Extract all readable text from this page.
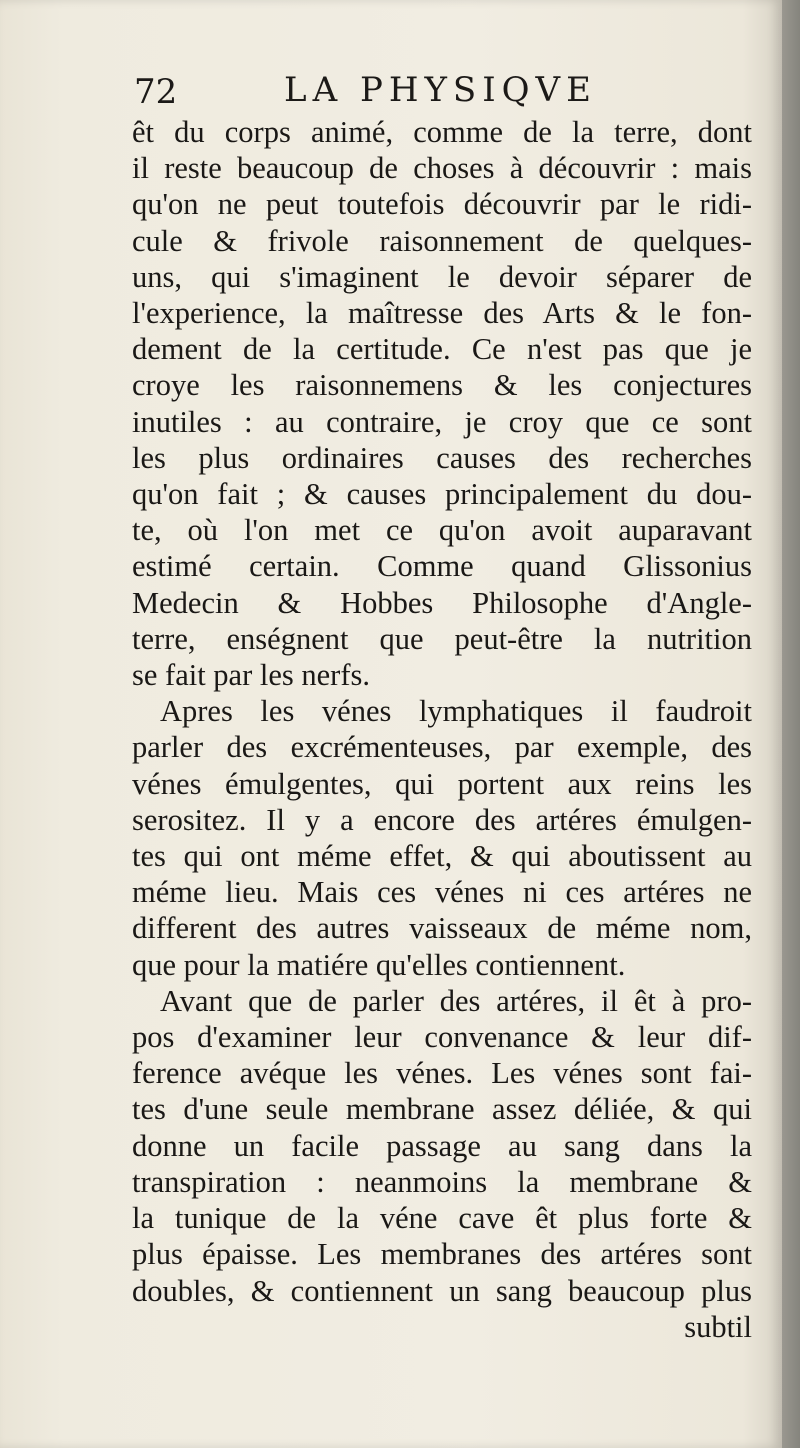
72	LA PHYSIQVE
êt du corps animé, comme de la terre, dont
il reste beaucoup de choses à découvrir : mais
qu'on ne peut toutefois découvrir par le ridi-
cule & frivole raisonnement de quelques-
uns, qui s'imaginent le devoir séparer de
l'experience, la maîtresse des Arts & le fon-
dement de la certitude. Ce n'est pas que je
croye les raisonnemens & les conjectures
inutiles : au contraire, je croy que ce sont
les plus ordinaires causes des recherches
qu'on fait ; & causes principalement du dou-
te, où l'on met ce qu'on avoit auparavant
estimé certain. Comme quand Glissonius
Medecin & Hobbes Philosophe d'Angle-
terre, enségnent que peut-être la nutrition
se fait par les nerfs.
Apres les vénes lymphatiques il faudroit
parler des excrémenteuses, par exemple, des
vénes émulgentes, qui portent aux reins les
serositez. Il y a encore des artéres émulgen-
tes qui ont méme effet, & qui aboutissent au
méme lieu. Mais ces vénes ni ces artéres ne
different des autres vaisseaux de méme nom,
que pour la matiére qu'elles contiennent.
Avant que de parler des artéres, il êt à pro-
pos d'examiner leur convenance & leur dif-
ference avéque les vénes. Les vénes sont fai-
tes d'une seule membrane assez déliée, & qui
donne un facile passage au sang dans la
transpiration : neanmoins la membrane &
la tunique de la véne cave êt plus forte &
plus épaisse. Les membranes des artéres sont
doubles, & contiennent un sang beaucoup plus
subtil
